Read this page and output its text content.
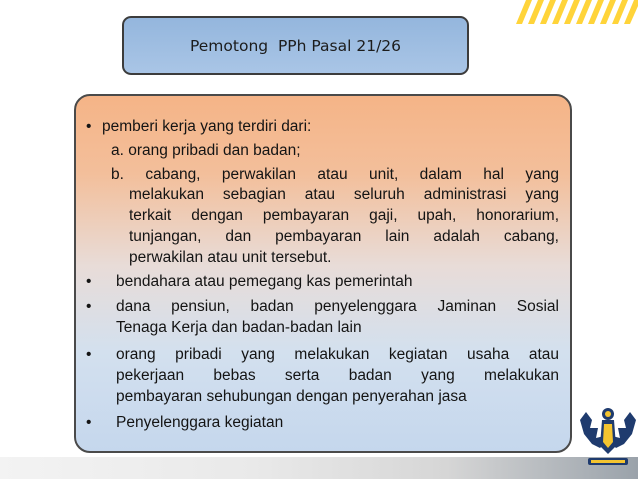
Pemotong  PPh Pasal 21/26
• pemberi kerja yang terdiri dari:
a. orang pribadi dan badan;
b. cabang, perwakilan atau unit, dalam hal yang
melakukan sebagian atau seluruh administrasi yang
terkait dengan pembayaran gaji, upah, honorarium,
tunjangan, dan pembayaran lain adalah cabang,
perwakilan atau unit tersebut.
• bendahara atau pemegang kas pemerintah
• dana pensiun, badan penyelenggara Jaminan Sosial
Tenaga Kerja dan badan-badan lain
• orang pribadi yang melakukan kegiatan usaha atau
pekerjaan bebas serta badan yang melakukan
pembayaran sehubungan dengan penyerahan jasa
• Penyelenggara kegiatan
